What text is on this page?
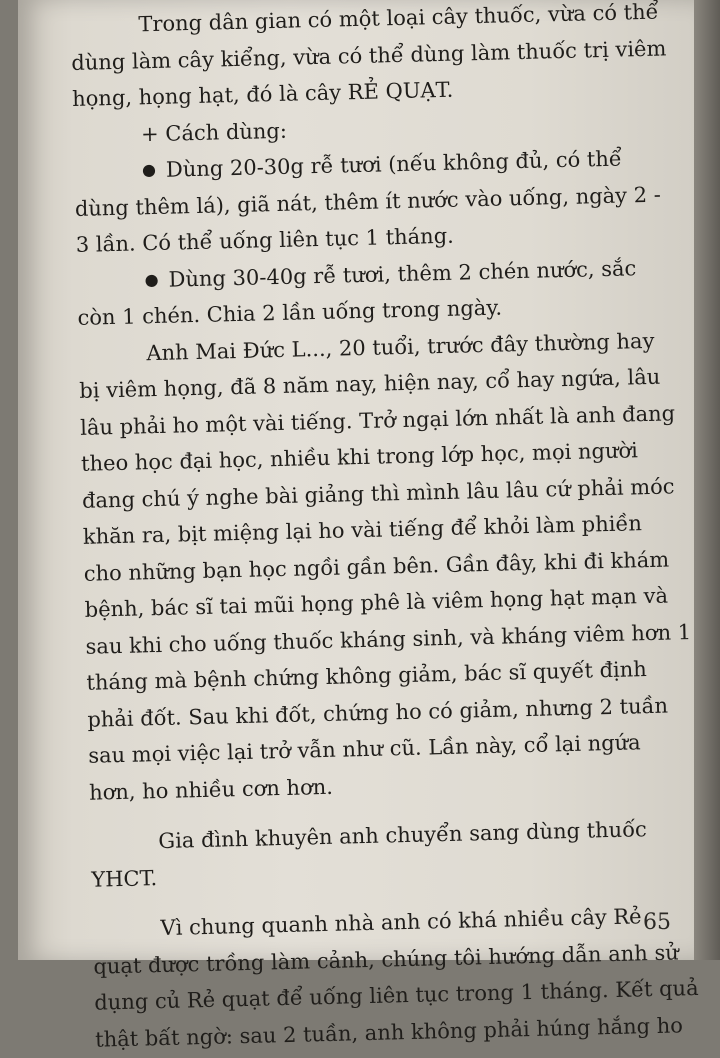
Trong dân gian có một loại cây thuốc, vừa có thể
dùng làm cây kiểng, vừa có thể dùng làm thuốc trị viêm
họng, họng hạt, đó là cây RẺ QUẠT.
+ Cách dùng:
● Dùng 20-30g rễ tươi (nếu không đủ, có thể
dùng thêm lá), giã nát, thêm ít nước vào uống, ngày 2 -
3 lần. Có thể uống liên tục 1 tháng.
● Dùng 30-40g rễ tươi, thêm 2 chén nước, sắc
còn 1 chén. Chia 2 lần uống trong ngày.
Anh Mai Đức L..., 20 tuổi, trước đây thường hay
bị viêm họng, đã 8 năm nay, hiện nay, cổ hay ngứa, lâu
lâu phải ho một vài tiếng. Trở ngại lớn nhất là anh đang
theo học đại học, nhiều khi trong lớp học, mọi người
đang chú ý nghe bài giảng thì mình lâu lâu cứ phải móc
khăn ra, bịt miệng lại ho vài tiếng để khỏi làm phiền
cho những bạn học ngồi gần bên. Gần đây, khi đi khám
bệnh, bác sĩ tai mũi họng phê là viêm họng hạt mạn và
sau khi cho uống thuốc kháng sinh, và kháng viêm hơn 1
tháng mà bệnh chứng không giảm, bác sĩ quyết định
phải đốt. Sau khi đốt, chứng ho có giảm, nhưng 2 tuần
sau mọi việc lại trở vẫn như cũ. Lần này, cổ lại ngứa
hơn, ho nhiều cơn hơn.
Gia đình khuyên anh chuyển sang dùng thuốc
YHCT.
Vì chung quanh nhà anh có khá nhiều cây Rẻ
quạt được trồng làm cảnh, chúng tôi hướng dẫn anh sử
dụng củ Rẻ quạt để uống liên tục trong 1 tháng. Kết quả
thật bất ngờ: sau 2 tuần, anh không phải húng hắng ho
65
